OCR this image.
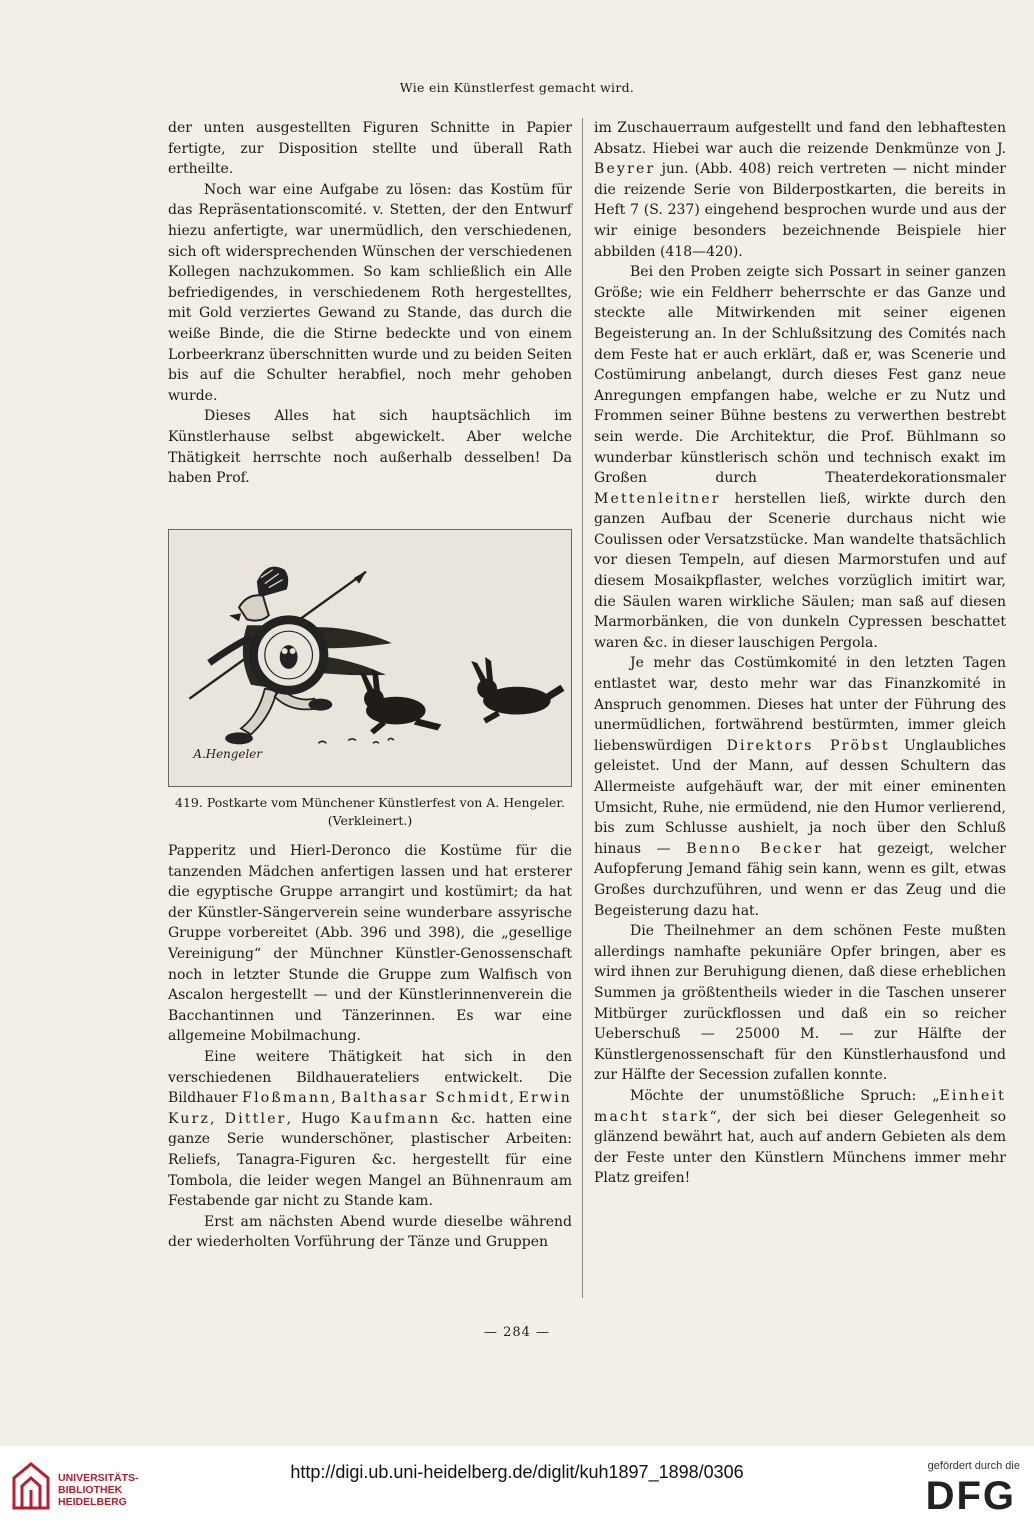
Wie ein Künstlerfest gemacht wird.

der unten ausgestellten Figuren Schnitte in Papier fertigte, zur Disposition stellte und überall Rath ertheilte.

Noch war eine Aufgabe zu lösen: das Kostüm für das Repräsentationscomité. v. Stetten, der den Entwurf hiezu anfertigte, war unermüdlich, den verschiedenen, sich oft widersprechenden Wünschen der verschiedenen Kollegen nachzukommen. So kam schließlich ein Alle befriedigendes, in verschiedenem Roth hergestelltes, mit Gold verziertes Gewand zu Stande, das durch die weiße Binde, die die Stirne bedeckte und von einem Lorbeerkranz überschnitten wurde und zu beiden Seiten bis auf die Schulter herabfiel, noch mehr gehoben wurde.

Dieses Alles hat sich hauptsächlich im Künstlerhause selbst abgewickelt. Aber welche Thätigkeit herrschte noch außerhalb desselben! Da haben Prof.

A.Hengeler
419. Postkarte vom Münchener Künstlerfest von A. Hengeler.
(Verkleinert.)

Papperitz und Hierl-Deronco die Kostüme für die tanzenden Mädchen anfertigen lassen und hat ersterer die egyptische Gruppe arrangirt und kostümirt; da hat der Künstler-Sängerverein seine wunderbare assyrische Gruppe vorbereitet (Abb. 396 und 398), die „gesellige Vereinigung“ der Münchner Künstler-Genossenschaft noch in letzter Stunde die Gruppe zum Walfisch von Ascalon hergestellt — und der Künstlerinnenverein die Bacchantinnen und Tänzerinnen. Es war eine allgemeine Mobilmachung.

Eine weitere Thätigkeit hat sich in den verschiedenen Bildhauerateliers entwickelt. Die Bildhauer Floßmann, Balthasar Schmidt, Erwin Kurz, Dittler, Hugo Kaufmann &c. hatten eine ganze Serie wunderschöner, plastischer Arbeiten: Reliefs, Tanagra-Figuren &c. hergestellt für eine Tombola, die leider wegen Mangel an Bühnenraum am Festabende gar nicht zu Stande kam.

Erst am nächsten Abend wurde dieselbe während der wiederholten Vorführung der Tänze und Gruppen

im Zuschauerraum aufgestellt und fand den lebhaftesten Absatz. Hiebei war auch die reizende Denkmünze von J. Beyrer jun. (Abb. 408) reich vertreten — nicht minder die reizende Serie von Bilderpostkarten, die bereits in Heft 7 (S. 237) eingehend besprochen wurde und aus der wir einige besonders bezeichnende Beispiele hier abbilden (418—420).

Bei den Proben zeigte sich Possart in seiner ganzen Größe; wie ein Feldherr beherrschte er das Ganze und steckte alle Mitwirkenden mit seiner eigenen Begeisterung an. In der Schlußsitzung des Comités nach dem Feste hat er auch erklärt, daß er, was Scenerie und Costümirung anbelangt, durch dieses Fest ganz neue Anregungen empfangen habe, welche er zu Nutz und Frommen seiner Bühne bestens zu verwerthen bestrebt sein werde. Die Architektur, die Prof. Bühlmann so wunderbar künstlerisch schön und technisch exakt im Großen durch Theaterdekorationsmaler Mettenleitner herstellen ließ, wirkte durch den ganzen Aufbau der Scenerie durchaus nicht wie Coulissen oder Versatzstücke. Man wandelte thatsächlich vor diesen Tempeln, auf diesen Marmorstufen und auf diesem Mosaikpflaster, welches vorzüglich imitirt war, die Säulen waren wirkliche Säulen; man saß auf diesen Marmorbänken, die von dunkeln Cypressen beschattet waren &c. in dieser lauschigen Pergola.

Je mehr das Costümkomité in den letzten Tagen entlastet war, desto mehr war das Finanzkomité in Anspruch genommen. Dieses hat unter der Führung des unermüdlichen, fortwährend bestürmten, immer gleich liebenswürdigen Direktors Pröbst Unglaubliches geleistet. Und der Mann, auf dessen Schultern das Allermeiste aufgehäuft war, der mit einer eminenten Umsicht, Ruhe, nie ermüdend, nie den Humor verlierend, bis zum Schlusse aushielt, ja noch über den Schluß hinaus — Benno Becker hat gezeigt, welcher Aufopferung Jemand fähig sein kann, wenn es gilt, etwas Großes durchzuführen, und wenn er das Zeug und die Begeisterung dazu hat.

Die Theilnehmer an dem schönen Feste mußten allerdings namhafte pekuniäre Opfer bringen, aber es wird ihnen zur Beruhigung dienen, daß diese erheblichen Summen ja größtentheils wieder in die Taschen unserer Mitbürger zurückflossen und daß ein so reicher Ueberschuß — 25000 M. — zur Hälfte der Künstlergenossenschaft für den Künstlerhausfond und zur Hälfte der Secession zufallen konnte.

Möchte der unumstößliche Spruch: „Einheit macht stark“, der sich bei dieser Gelegenheit so glänzend bewährt hat, auch auf andern Gebieten als dem der Feste unter den Künstlern Münchens immer mehr Platz greifen!

— 284 —
UNIVERSITÄTS-
BIBLIOTHEK
HEIDELBERG
http://digi.ub.uni-heidelberg.de/diglit/kuh1897_1898/0306	gefördert durch die
DFG
